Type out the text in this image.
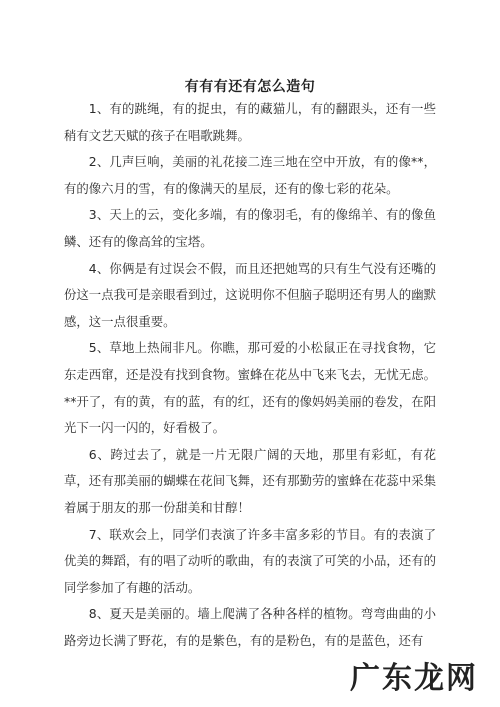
有有有还有怎么造句

1、有的跳绳，有的捉虫，有的藏猫儿，有的翻跟头，还有一些稍有文艺天赋的孩子在唱歌跳舞。

2、几声巨响，美丽的礼花接二连三地在空中开放，有的像**，有的像六月的雪，有的像满天的星辰，还有的像七彩的花朵。

3、天上的云，变化多端，有的像羽毛，有的像绵羊、有的像鱼鳞、还有的像高耸的宝塔。

4、你俩是有过误会不假，而且还把她骂的只有生气没有还嘴的份这一点我可是亲眼看到过，这说明你不但脑子聪明还有男人的幽默感，这一点很重要。

5、草地上热闹非凡。你瞧，那可爱的小松鼠正在寻找食物，它东走西窜，还是没有找到食物。蜜蜂在花丛中飞来飞去，无忧无虑。**开了，有的黄，有的蓝，有的红，还有的像妈妈美丽的卷发，在阳光下一闪一闪的，好看极了。

6、跨过去了，就是一片无限广阔的天地，那里有彩虹，有花草，还有那美丽的蝴蝶在花间飞舞，还有那勤劳的蜜蜂在花蕊中采集着属于朋友的那一份甜美和甘醇！

7、联欢会上，同学们表演了许多丰富多彩的节目。有的表演了优美的舞蹈，有的唱了动听的歌曲，有的表演了可笑的小品，还有的同学参加了有趣的活动。

8、夏天是美丽的。墙上爬满了各种各样的植物。弯弯曲曲的小路旁边长满了野花，有的是紫色，有的是粉色，有的是蓝色，还有

广东龙网
